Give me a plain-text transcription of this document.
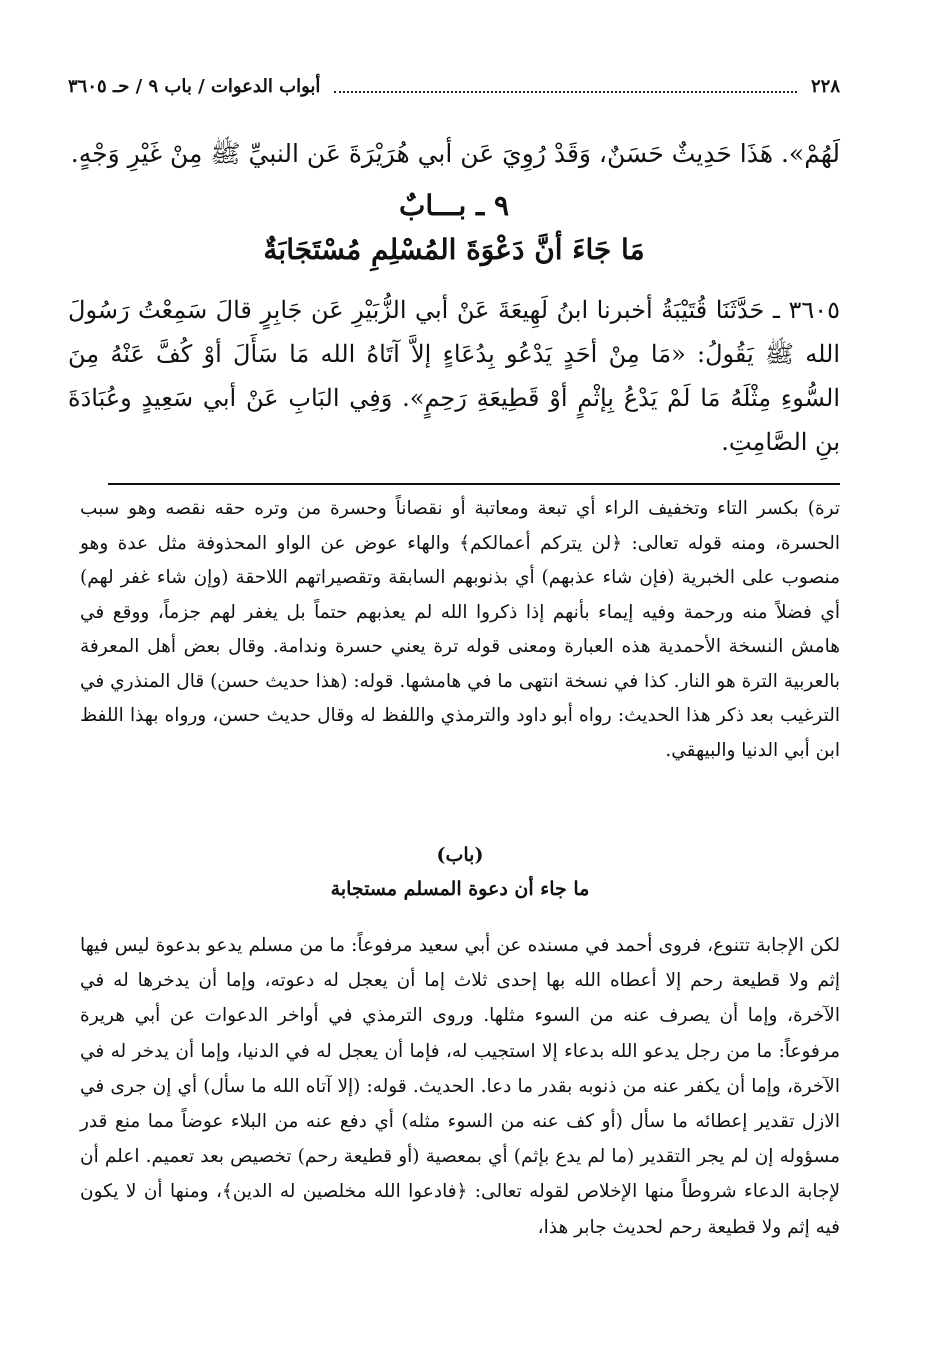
٢٢٨
أبواب الدعوات / باب ٩ / حـ ٣٦٠٥
لَهُمْ». هَذَا حَدِيثٌ حَسَنٌ، وَقَدْ رُوِيَ عَن أبي هُرَيْرَةَ عَن النبيِّ ﷺ مِنْ غَيْرِ وَجْهٍ.
٩ ـ بـــابٌ
مَا جَاءَ أنَّ دَعْوَةَ المُسْلِمِ مُسْتَجَابَةٌ
٣٦٠٥ ـ حَدَّثَنَا قُتَيْبَةُ أخبرنا ابنُ لَهِيعَةَ عَنْ أبي الزُّبَيْرِ عَن جَابِرٍ قالَ سَمِعْتُ رَسُولَ الله ﷺ يَقُولُ: «مَا مِنْ أحَدٍ يَدْعُو بِدُعَاءٍ إلاَّ آتَاهُ الله مَا سَأَلَ أوْ كُفَّ عَنْهُ مِنَ السُّوءِ مِثْلَهُ مَا لَمْ يَدْعُ بِإثْمٍ أوْ قَطِيعَةِ رَحِمٍ». وَفِي البَابِ عَنْ أبي سَعِيدٍ وعُبَادَةَ بنِ الصَّامِتِ.
ترة) بكسر التاء وتخفيف الراء أي تبعة ومعاتبة أو نقصاناً وحسرة من وتره حقه نقصه وهو سبب الحسرة، ومنه قوله تعالى: ﴿لن يتركم أعمالكم﴾ والهاء عوض عن الواو المحذوفة مثل عدة وهو منصوب على الخبرية (فإن شاء عذبهم) أي بذنوبهم السابقة وتقصيراتهم اللاحقة (وإن شاء غفر لهم) أي فضلاً منه ورحمة وفيه إيماء بأنهم إذا ذكروا الله لم يعذبهم حتماً بل يغفر لهم جزماً، ووقع في هامش النسخة الأحمدية هذه العبارة ومعنى قوله ترة يعني حسرة وندامة. وقال بعض أهل المعرفة بالعربية الترة هو النار. كذا في نسخة انتهى ما في هامشها. قوله: (هذا حديث حسن) قال المنذري في الترغيب بعد ذكر هذا الحديث: رواه أبو داود والترمذي واللفظ له وقال حديث حسن، ورواه بهذا اللفظ ابن أبي الدنيا والبيهقي.
(باب)
ما جاء أن دعوة المسلم مستجابة
لكن الإجابة تتنوع، فروى أحمد في مسنده عن أبي سعيد مرفوعاً: ما من مسلم يدعو بدعوة ليس فيها إثم ولا قطيعة رحم إلا أعطاه الله بها إحدى ثلاث إما أن يعجل له دعوته، وإما أن يدخرها له في الآخرة، وإما أن يصرف عنه من السوء مثلها. وروى الترمذي في أواخر الدعوات عن أبي هريرة مرفوعاً: ما من رجل يدعو الله بدعاء إلا استجيب له، فإما أن يعجل له في الدنيا، وإما أن يدخر له في الآخرة، وإما أن يكفر عنه من ذنوبه بقدر ما دعا. الحديث. قوله: (إلا آتاه الله ما سأل) أي إن جرى في الازل تقدير إعطائه ما سأل (أو كف عنه من السوء مثله) أي دفع عنه من البلاء عوضاً مما منع قدر مسؤوله إن لم يجر التقدير (ما لم يدع بإثم) أي بمعصية (أو قطيعة رحم) تخصيص بعد تعميم. اعلم أن لإجابة الدعاء شروطاً منها الإخلاص لقوله تعالى: ﴿فادعوا الله مخلصين له الدين﴾، ومنها أن لا يكون فيه إثم ولا قطيعة رحم لحديث جابر هذا،
